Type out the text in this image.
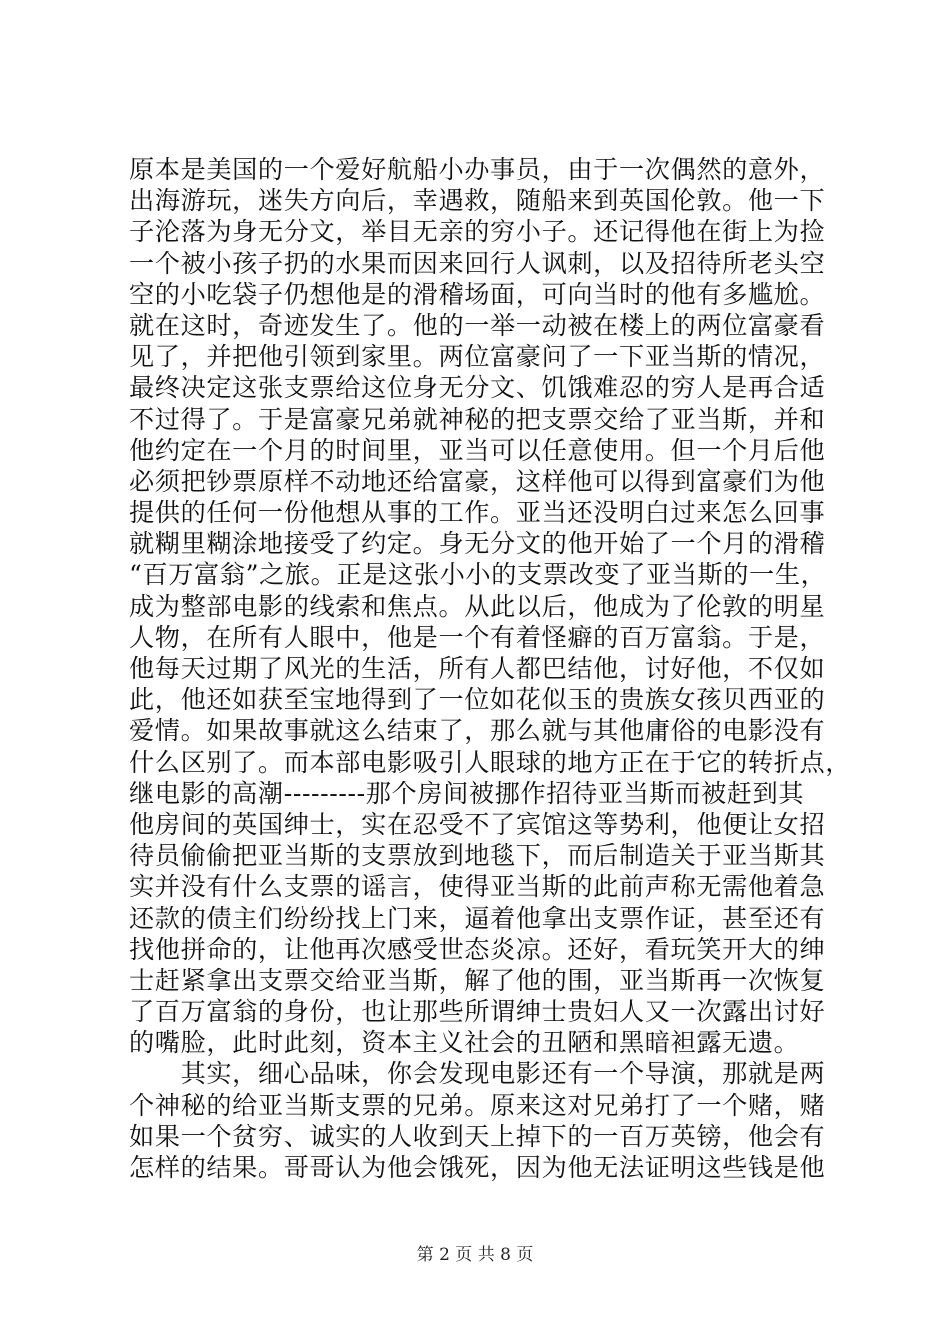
原本是美国的一个爱好航船小办事员，由于一次偶然的意外，
出海游玩，迷失方向后，幸遇救，随船来到英国伦敦。他一下
子沦落为身无分文，举目无亲的穷小子。还记得他在街上为捡
一个被小孩子扔的水果而因来回行人讽刺，以及招待所老头空
空的小吃袋子仍想他是的滑稽场面，可向当时的他有多尴尬。
就在这时，奇迹发生了。他的一举一动被在楼上的两位富豪看
见了，并把他引领到家里。两位富豪问了一下亚当斯的情况，
最终决定这张支票给这位身无分文、饥饿难忍的穷人是再合适
不过得了。于是富豪兄弟就神秘的把支票交给了亚当斯，并和
他约定在一个月的时间里，亚当可以任意使用。但一个月后他
必须把钞票原样不动地还给富豪，这样他可以得到富豪们为他
提供的任何一份他想从事的工作。亚当还没明白过来怎么回事
就糊里糊涂地接受了约定。身无分文的他开始了一个月的滑稽
“百万富翁”之旅。正是这张小小的支票改变了亚当斯的一生，
成为整部电影的线索和焦点。从此以后，他成为了伦敦的明星
人物，在所有人眼中，他是一个有着怪癖的百万富翁。于是，
他每天过期了风光的生活，所有人都巴结他，讨好他，不仅如
此，他还如获至宝地得到了一位如花似玉的贵族女孩贝西亚的
爱情。如果故事就这么结束了，那么就与其他庸俗的电影没有
什么区别了。而本部电影吸引人眼球的地方正在于它的转折点，
继电影的高潮---------那个房间被挪作招待亚当斯而被赶到其
他房间的英国绅士，实在忍受不了宾馆这等势利，他便让女招
待员偷偷把亚当斯的支票放到地毯下，而后制造关于亚当斯其
实并没有什么支票的谣言，使得亚当斯的此前声称无需他着急
还款的债主们纷纷找上门来，逼着他拿出支票作证，甚至还有
找他拼命的，让他再次感受世态炎凉。还好，看玩笑开大的绅
士赶紧拿出支票交给亚当斯，解了他的围，亚当斯再一次恢复
了百万富翁的身份，也让那些所谓绅士贵妇人又一次露出讨好
的嘴脸，此时此刻，资本主义社会的丑陋和黑暗袒露无遗。
　　其实，细心品味，你会发现电影还有一个导演，那就是两
个神秘的给亚当斯支票的兄弟。原来这对兄弟打了一个赌，赌
如果一个贫穷、诚实的人收到天上掉下的一百万英镑，他会有
怎样的结果。哥哥认为他会饿死，因为他无法证明这些钱是他
第 2 页 共 8 页
